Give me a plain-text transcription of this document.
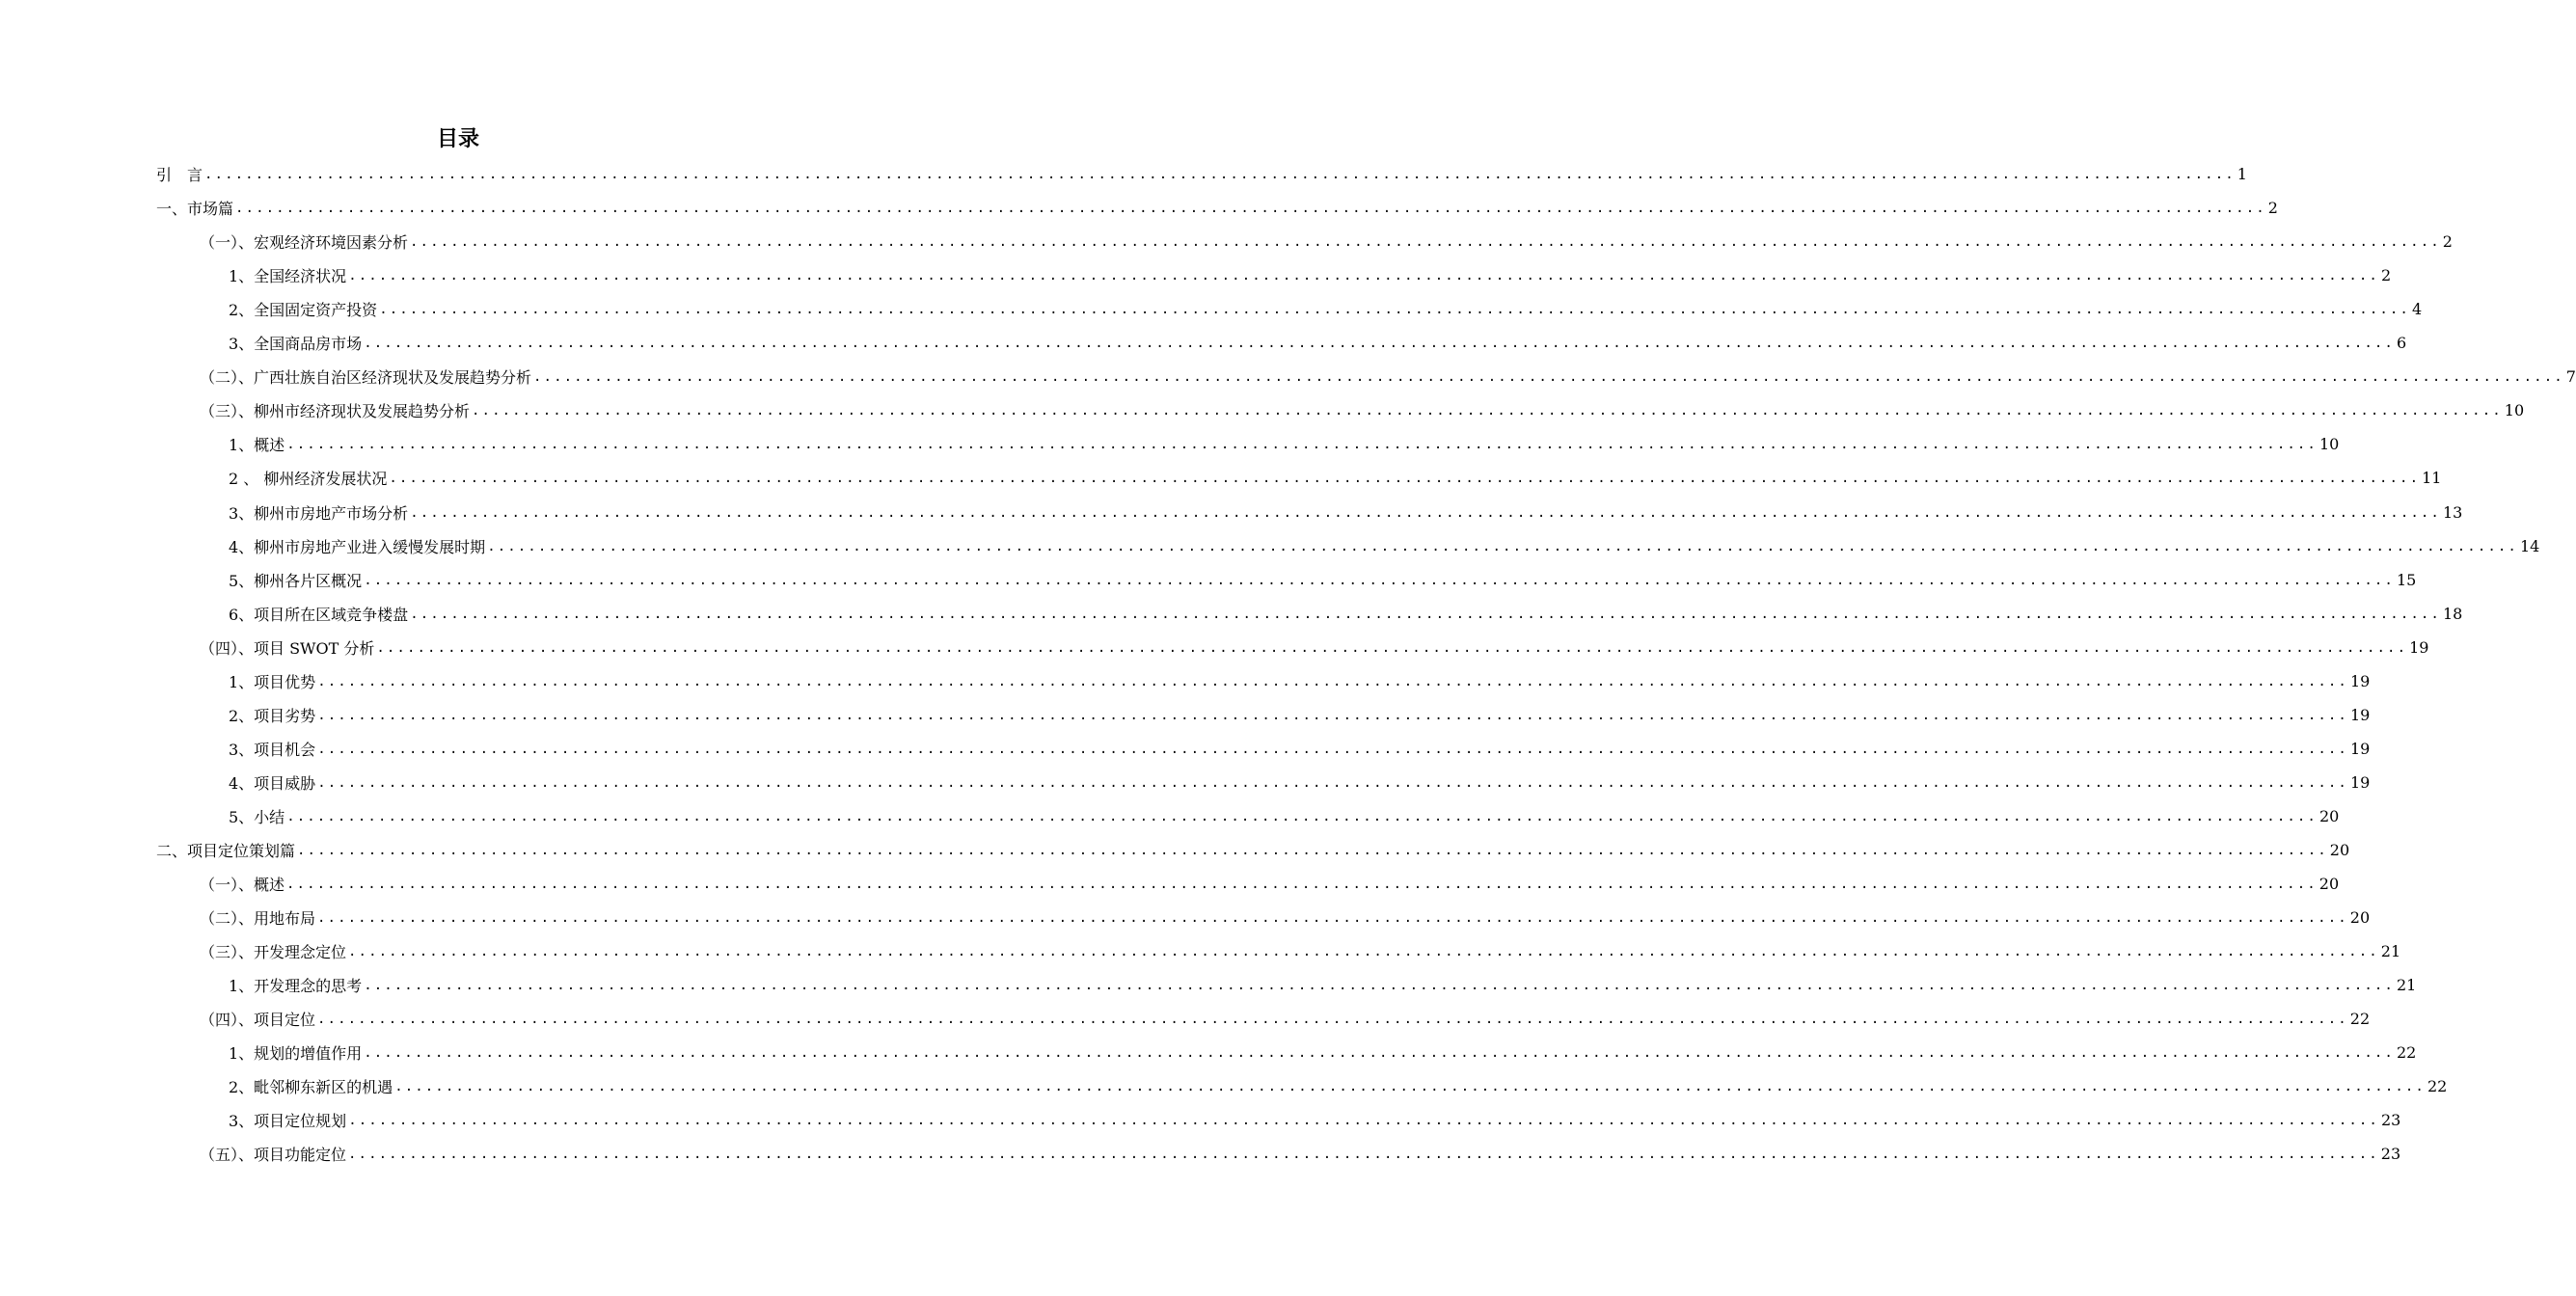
目录
引　言 ........................................................................................................................................................................................................ 1
一、市场篇 ........................................................................................................................................................................................................ 2
（一）、宏观经济环境因素分析 ........................................................................................................................................................................................................ 2
1、全国经济状况 ........................................................................................................................................................................................................ 2
2、全国固定资产投资 ........................................................................................................................................................................................................ 4
3、全国商品房市场 ........................................................................................................................................................................................................ 6
（二）、广西壮族自治区经济现状及发展趋势分析 ........................................................................................................................................................................................................ 7
（三）、柳州市经济现状及发展趋势分析 ........................................................................................................................................................................................................ 10
1、概述 ........................................................................................................................................................................................................ 10
2 、 柳州经济发展状况 ........................................................................................................................................................................................................ 11
3、柳州市房地产市场分析 ........................................................................................................................................................................................................ 13
4、柳州市房地产业进入缓慢发展时期 ........................................................................................................................................................................................................ 14
5、柳州各片区概况 ........................................................................................................................................................................................................ 15
6、项目所在区域竞争楼盘 ........................................................................................................................................................................................................ 18
（四）、项目 SWOT 分析 ........................................................................................................................................................................................................ 19
1、项目优势 ........................................................................................................................................................................................................ 19
2、项目劣势 ........................................................................................................................................................................................................ 19
3、项目机会 ........................................................................................................................................................................................................ 19
4、项目威胁 ........................................................................................................................................................................................................ 19
5、小结 ........................................................................................................................................................................................................ 20
二、项目定位策划篇 ........................................................................................................................................................................................................ 20
（一）、概述 ........................................................................................................................................................................................................ 20
（二）、用地布局 ........................................................................................................................................................................................................ 20
（三）、开发理念定位 ........................................................................................................................................................................................................ 21
1、开发理念的思考 ........................................................................................................................................................................................................ 21
（四）、项目定位 ........................................................................................................................................................................................................ 22
1、规划的增值作用 ........................................................................................................................................................................................................ 22
2、毗邻柳东新区的机遇 ........................................................................................................................................................................................................ 22
3、项目定位规划 ........................................................................................................................................................................................................ 23
（五）、项目功能定位 ........................................................................................................................................................................................................ 23
